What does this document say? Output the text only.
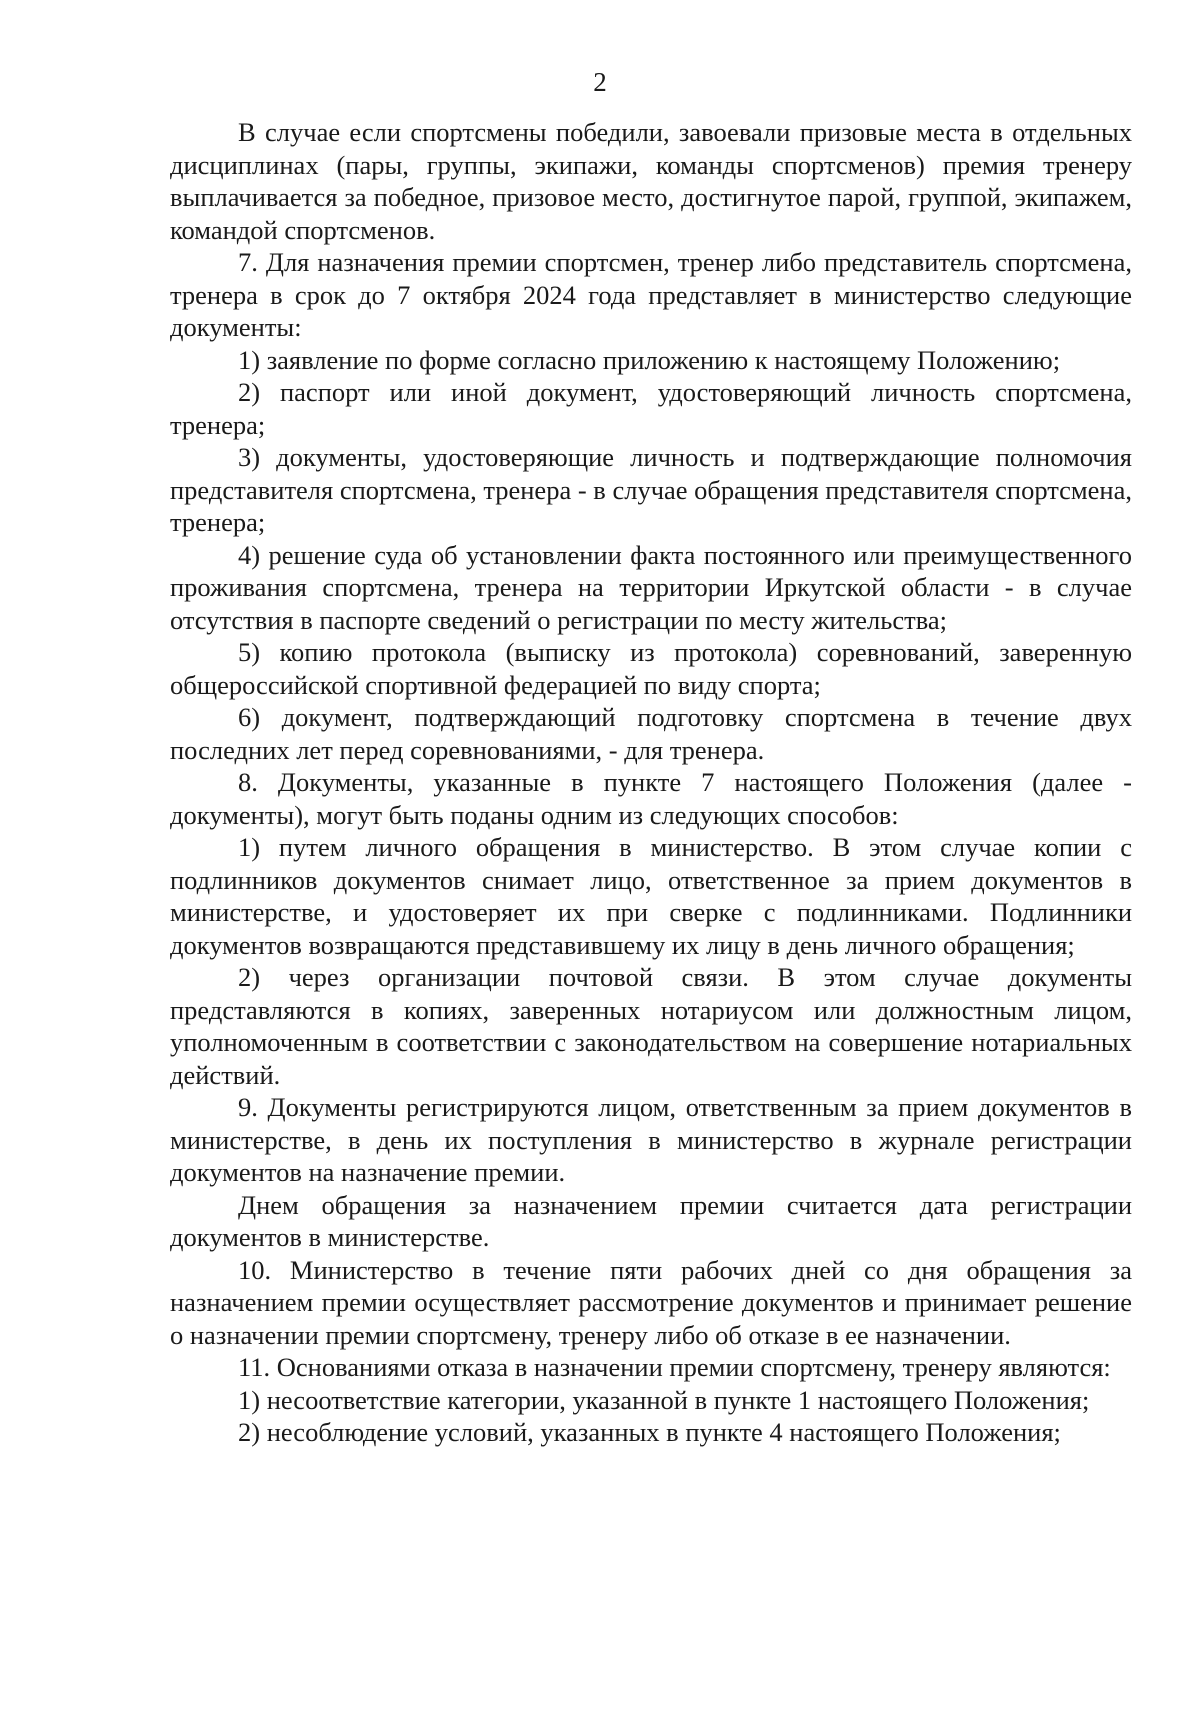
2

В случае если спортсмены победили, завоевали призовые места в отдельных дисциплинах (пары, группы, экипажи, команды спортсменов) премия тренеру выплачивается за победное, призовое место, достигнутое парой, группой, экипажем, командой спортсменов.

7. Для назначения премии спортсмен, тренер либо представитель спортсмена, тренера в срок до 7 октября 2024 года представляет в министерство следующие документы:

1) заявление по форме согласно приложению к настоящему Положению;

2) паспорт или иной документ, удостоверяющий личность спортсмена, тренера;

3) документы, удостоверяющие личность и подтверждающие полномочия представителя спортсмена, тренера - в случае обращения представителя спортсмена, тренера;

4) решение суда об установлении факта постоянного или преимущественного проживания спортсмена, тренера на территории Иркутской области - в случае отсутствия в паспорте сведений о регистрации по месту жительства;

5) копию протокола (выписку из протокола) соревнований, заверенную общероссийской спортивной федерацией по виду спорта;

6) документ, подтверждающий подготовку спортсмена в течение двух последних лет перед соревнованиями, - для тренера.

8. Документы, указанные в пункте 7 настоящего Положения (далее - документы), могут быть поданы одним из следующих способов:

1) путем личного обращения в министерство. В этом случае копии с подлинников документов снимает лицо, ответственное за прием документов в министерстве, и удостоверяет их при сверке с подлинниками. Подлинники документов возвращаются представившему их лицу в день личного обращения;

2) через организации почтовой связи. В этом случае документы представляются в копиях, заверенных нотариусом или должностным лицом, уполномоченным в соответствии с законодательством на совершение нотариальных действий.

9. Документы регистрируются лицом, ответственным за прием документов в министерстве, в день их поступления в министерство в журнале регистрации документов на назначение премии.

Днем обращения за назначением премии считается дата регистрации документов в министерстве.

10. Министерство в течение пяти рабочих дней со дня обращения за назначением премии осуществляет рассмотрение документов и принимает решение о назначении премии спортсмену, тренеру либо об отказе в ее назначении.

11. Основаниями отказа в назначении премии спортсмену, тренеру являются:

1) несоответствие категории, указанной в пункте 1 настоящего Положения;

2) несоблюдение условий, указанных в пункте 4 настоящего Положения;
